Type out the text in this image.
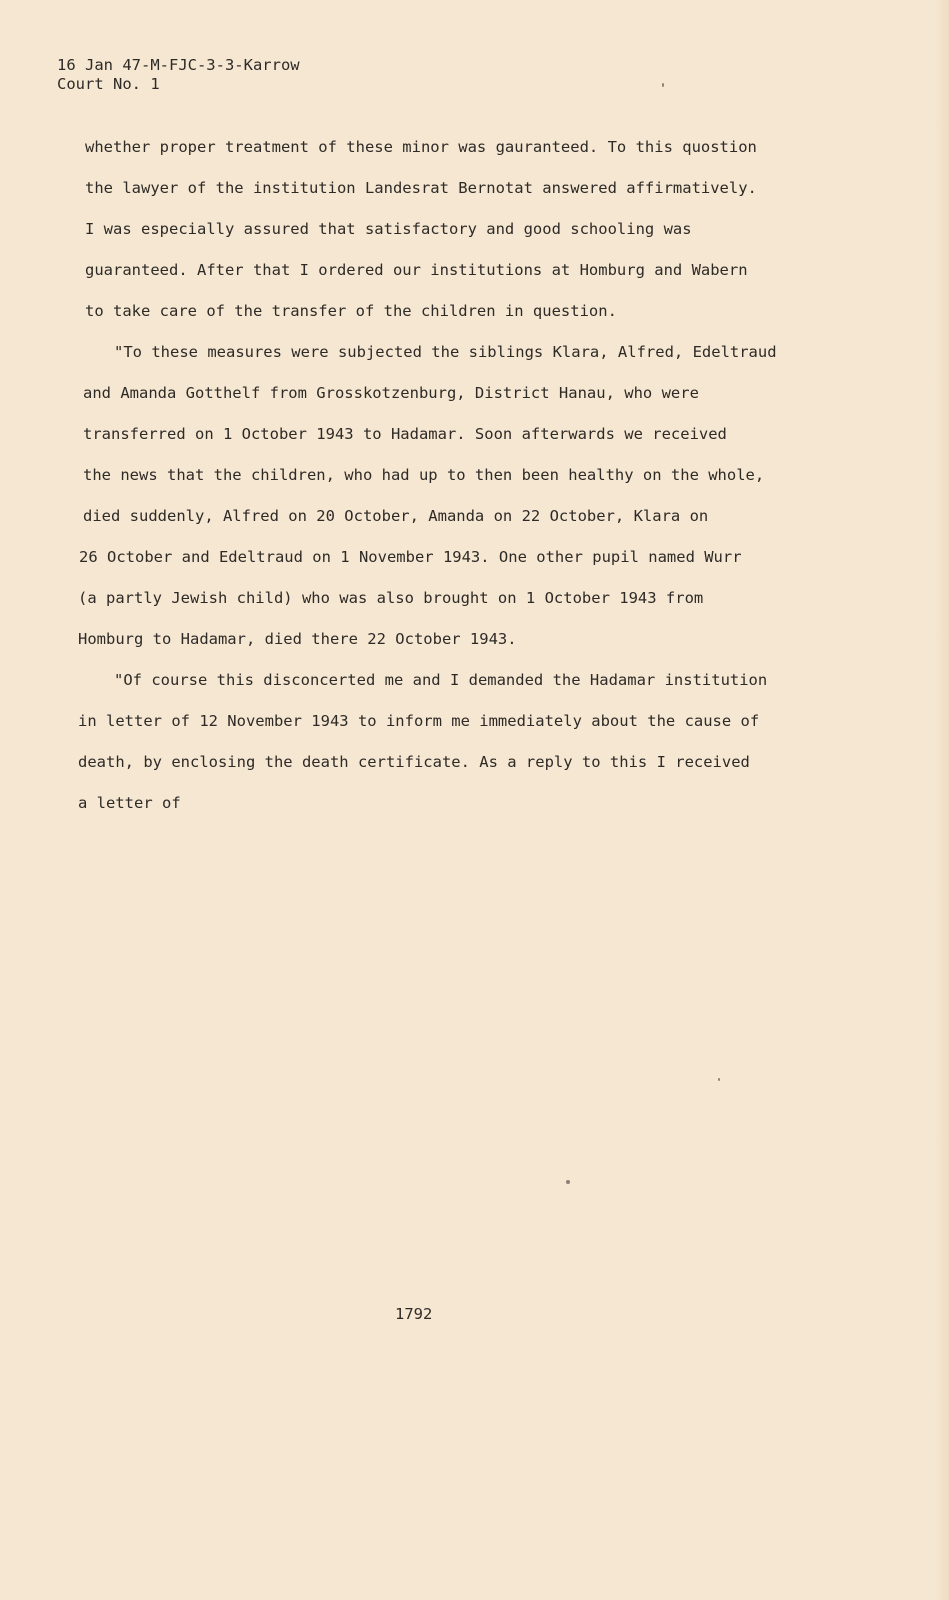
16 Jan 47-M-FJC-3-3-Karrow
Court No. 1
whether proper treatment of these minor was gauranteed. To this quostion
the lawyer of the institution Landesrat Bernotat answered affirmatively.
I was especially assured that satisfactory and good schooling was
guaranteed. After that I ordered our institutions at Homburg and Wabern
to take care of the transfer of the children in question.
"To these measures were subjected the siblings Klara, Alfred, Edeltraud
and Amanda Gotthelf from Grosskotzenburg, District Hanau, who were
transferred on 1 October 1943 to Hadamar. Soon afterwards we received
the news that the children, who had up to then been healthy on the whole,
died suddenly, Alfred on 20 October, Amanda on 22 October, Klara on
26 October and Edeltraud on 1 November 1943. One other pupil named Wurr
(a partly Jewish child) who was also brought on 1 October 1943 from
Homburg to Hadamar, died there 22 October 1943.
"Of course this disconcerted me and I demanded the Hadamar institution
in letter of 12 November 1943 to inform me immediately about the cause of
death, by enclosing the death certificate. As a reply to this I received
a letter of
1792
